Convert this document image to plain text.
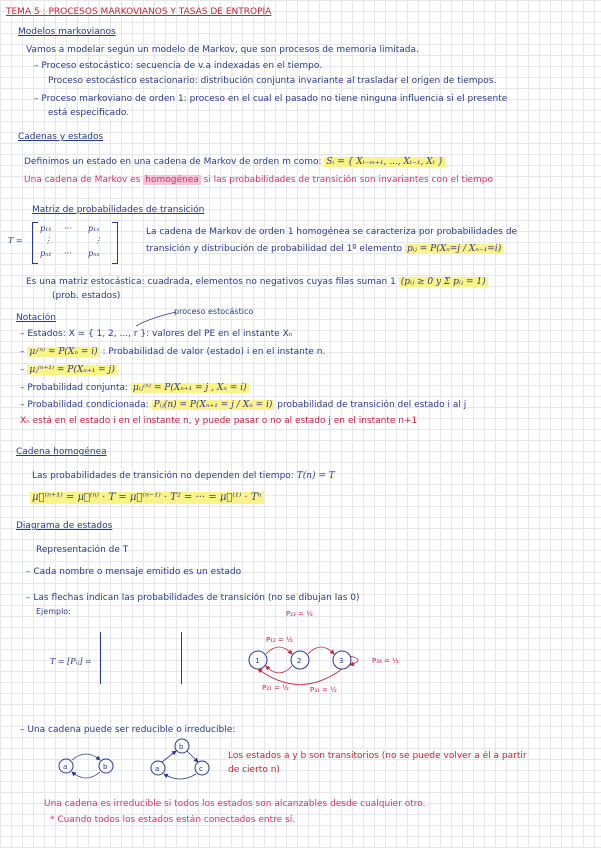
TEMA 5 : PROCESOS MARKOVIANOS Y TASAS DE ENTROPÍA
Modelos markovianos
Vamos a modelar según un modelo de Markov, que son procesos de memoria limitada.
– Proceso estocástico: secuencia de v.a indexadas en el tiempo.
Proceso estocástico estacionario: distribución conjunta invariante al trasladar el origen de tiempos.
– Proceso markoviano de orden 1: proceso en el cual el pasado no tiene ninguna influencia si el presente
está especificado.
Cadenas y estados
Definimos un estado en una cadena de Markov de orden m como: Sᵢ = { Xₜ₋ₘ₊₁, ..., Xₜ₋₁, Xₜ }
Una cadena de Markov es homogénea si las probabilidades de transición son invariantes con el tiempo
Matriz de probabilidades de transición
T =
p₁₁ ··· p₁ₙ
⋮	⋮
pₙ₁ ··· pₙₙ
La cadena de Markov de orden 1 homogénea se caracteriza por probabilidades de
transición y distribución de probabilidad del 1º elemento pᵢⱼ = P(Xₙ=j / Xₙ₋₁=i)
Es una matriz estocástica: cuadrada, elementos no negativos cuyas filas suman 1 (pᵢⱼ ≥ 0 y Σ pᵢⱼ = 1)
(prob. estados)
Notación
proceso estocástico
– Estados: X = { 1, 2, ..., r }: valores del PE en el instante Xₙ
– μᵢ⁽ⁿ⁾ = P(Xₙ = i) : Probabilidad de valor (estado) i en el instante n.
– μⱼ⁽ⁿ⁺¹⁾ = P(Xₙ₊₁ = j)
– Probabilidad conjunta: μᵢⱼ⁽ⁿ⁾ = P(Xₙ₊₁ = j , Xₙ = i)
– Probabilidad condicionada: Pᵢⱼ(n) = P(Xₙ₊₁ = j / Xₙ = i) probabilidad de transición del estado i al j
Xₙ está en el estado i en el instante n, y puede pasar o no al estado j en el instante n+1
Cadena homogénea
Las probabilidades de transición no dependen del tiempo: T(n) = T
μ⃗⁽ⁿ⁺¹⁾ = μ⃗⁽ⁿ⁾ · T = μ⃗⁽ⁿ⁻¹⁾ · T² = ··· = μ⃗⁽¹⁾ · Tⁿ
Diagrama de estados
Representación de T
– Cada nombre o mensaje emitido es un estado
– Las flechas indican las probabilidades de transición (no se dibujan las 0)
Ejemplo:
T = [Pᵢⱼ] =	1	2	3
P₁₂ = ½
P₂₁ = ½
P₂₃ = ½
P₃₃ = ½
P₃₁ = ½
– Una cadena puede ser reducible o irreducible:
a	b	a
b
c
Los estados a y b son transitorios (no se puede volver a él a partir
de cierto n)
Una cadena es irreducible si todos los estados son alcanzables desde cualquier otro.
* Cuando todos los estados están conectados entre sí.
